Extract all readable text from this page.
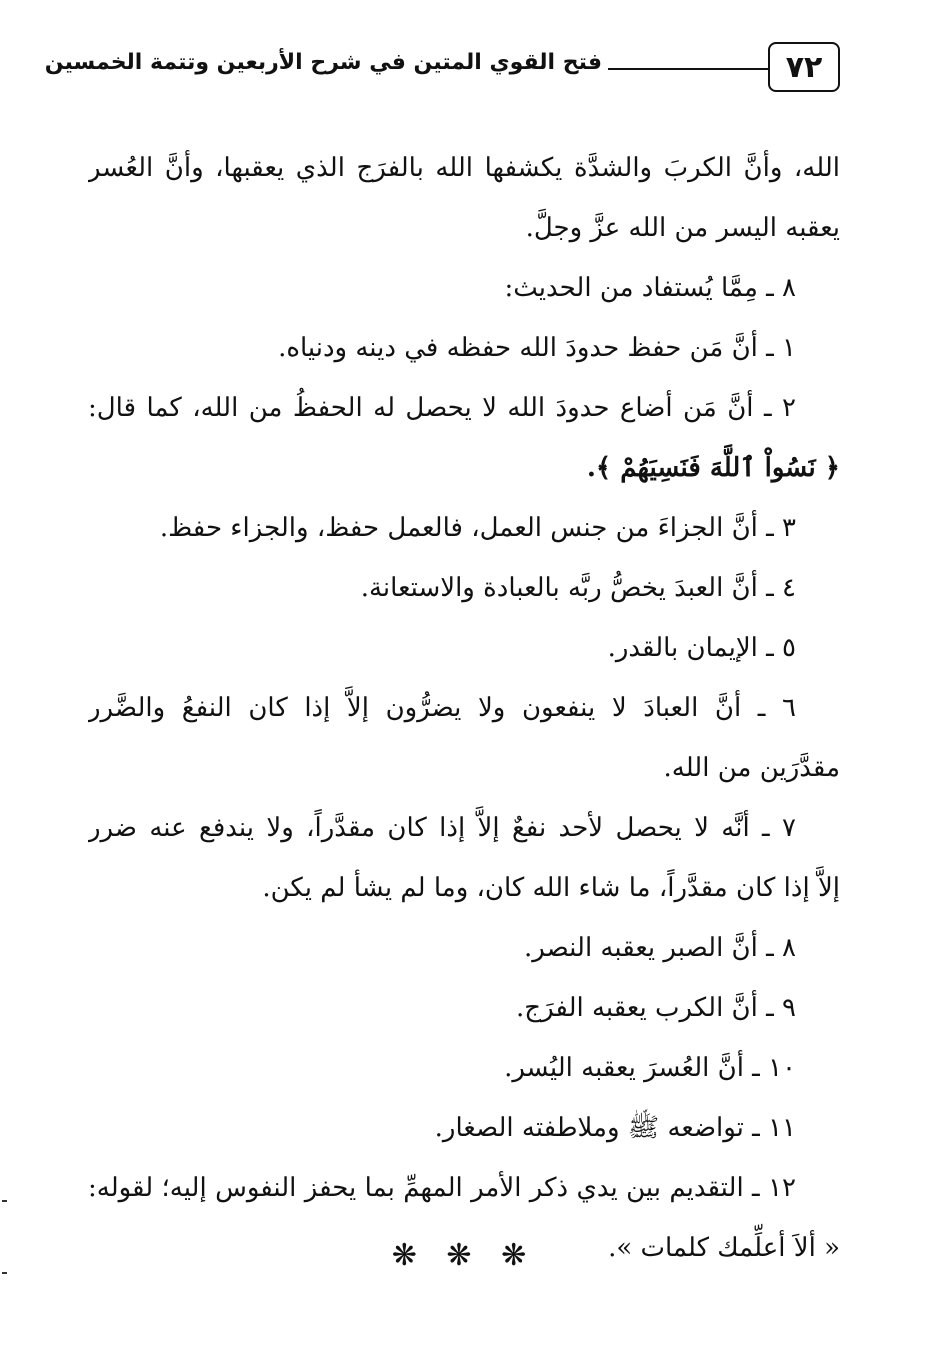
٧٢
فتح القوي المتين في شرح الأربعين وتتمة الخمسين
الله، وأنَّ الكربَ والشدَّة يكشفها الله بالفرَج الذي يعقبها، وأنَّ العُسر
يعقبه اليسر من الله عزَّ وجلَّ.
٨ ـ مِمَّا يُستفاد من الحديث:
١ ـ أنَّ مَن حفظ حدودَ الله حفظه في دينه ودنياه.
٢ ـ أنَّ مَن أضاع حدودَ الله لا يحصل له الحفظُ من الله، كما قال:
﴿ نَسُواْ ٱللَّهَ فَنَسِيَهُمْ ﴾.
٣ ـ أنَّ الجزاءَ من جنس العمل، فالعمل حفظ، والجزاء حفظ.
٤ ـ أنَّ العبدَ يخصُّ ربَّه بالعبادة والاستعانة.
٥ ـ الإيمان بالقدر.
٦ ـ أنَّ العبادَ لا ينفعون ولا يضرُّون إلاَّ إذا كان النفعُ والضَّرر
مقدَّرَين من الله.
٧ ـ أنَّه لا يحصل لأحد نفعٌ إلاَّ إذا كان مقدَّراً، ولا يندفع عنه ضرر
إلاَّ إذا كان مقدَّراً، ما شاء الله كان، وما لم يشأ لم يكن.
٨ ـ أنَّ الصبر يعقبه النصر.
٩ ـ أنَّ الكرب يعقبه الفرَج.
١٠ ـ أنَّ العُسرَ يعقبه اليُسر.
١١ ـ تواضعه ﷺ وملاطفته الصغار.
١٢ ـ التقديم بين يدي ذكر الأمر المهمِّ بما يحفز النفوس إليه؛ لقوله:
« ألاَ أعلِّمك كلمات ».
❋ ❋ ❋
